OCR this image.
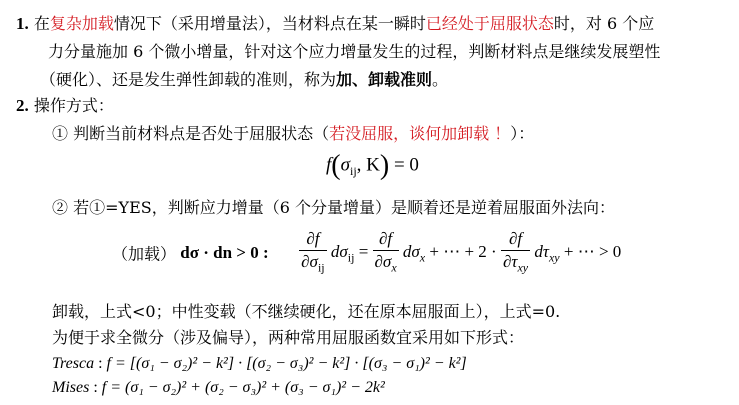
1. 在复杂加载情况下（采用增量法），当材料点在某一瞬时已经处于屈服状态时，对 6 个应
力分量施加 6 个微小增量，针对这个应力增量发生的过程，判断材料点是继续发展塑性
（硬化）、还是发生弹性卸载的准则，称为加、卸载准则。
2. 操作方式：
① 判断当前材料点是否处于屈服状态（若没屈服，谈何加卸载 ！）：
$f(\sigma_{ij}$, K) = 0
② 若①=YES，判断应力增量（6 个分量增量）是顺着还是逆着屈服面外法向：
（加载） dσ · dn > 0 : $\frac{\partial f}{\partial\sigma_{ij}} d\sigma_{ij} = \frac{\partial f}{\partial\sigma_x} d\sigma_x$ + ⋯ + $2 \cdot \frac{\partial f}{\partial\tau_{xy}} d\tau_{xy}$ + ⋯ > 0
卸载，上式<0；中性变载（不继续硬化，还在原本屈服面上），上式=0.
为便于求全微分（涉及偏导），两种常用屈服函数宜采用如下形式：
Tresca : f = [(σ₁ − σ₂)² − k²] · [(σ₂ − σ₃)² − k²] · [(σ₃ − σ₁)² − k²]
Mises : f = (σ₁ − σ₂)² + (σ₂ − σ₃)² + (σ₃ − σ₁)² − 2k²
